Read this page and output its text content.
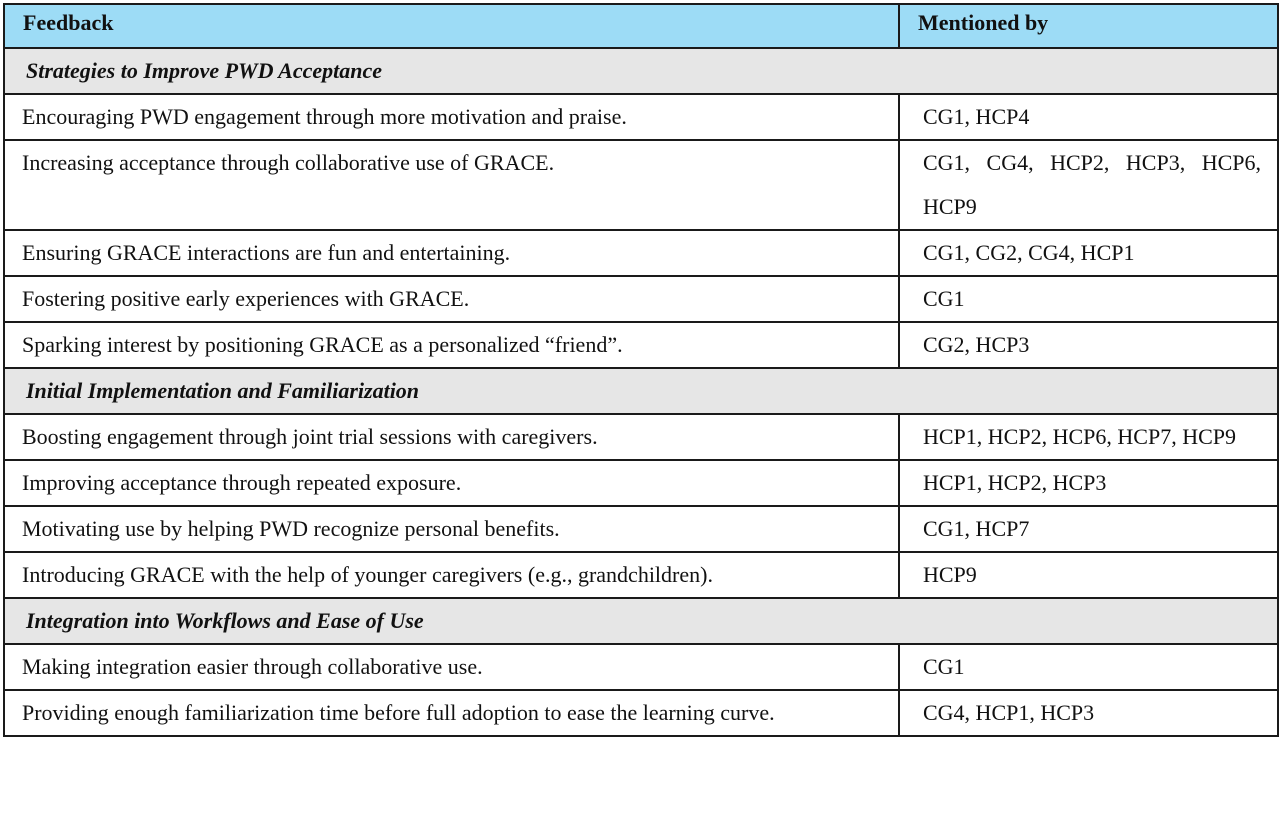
Feedback	Mentioned by

Strategies to Improve PWD Acceptance	
Encouraging PWD engagement through more motivation and praise.	CG1, HCP4
Increasing acceptance through collaborative use of GRACE.	CG1, CG4, HCP2, HCP3, HCP6, HCP9
Ensuring GRACE interactions are fun and entertaining.	CG1, CG2, CG4, HCP1
Fostering positive early experiences with GRACE.	CG1
Sparking interest by positioning GRACE as a personalized “friend”.	CG2, HCP3
Initial Implementation and Familiarization	
Boosting engagement through joint trial sessions with caregivers.	HCP1, HCP2, HCP6, HCP7, HCP9
Improving acceptance through repeated exposure.	HCP1, HCP2, HCP3
Motivating use by helping PWD recognize personal benefits.	CG1, HCP7
Introducing GRACE with the help of younger caregivers (e.g., grandchildren).	HCP9
Integration into Workflows and Ease of Use	
Making integration easier through collaborative use.	CG1
Providing enough familiarization time before full adoption to ease the learning curve.	CG4, HCP1, HCP3
